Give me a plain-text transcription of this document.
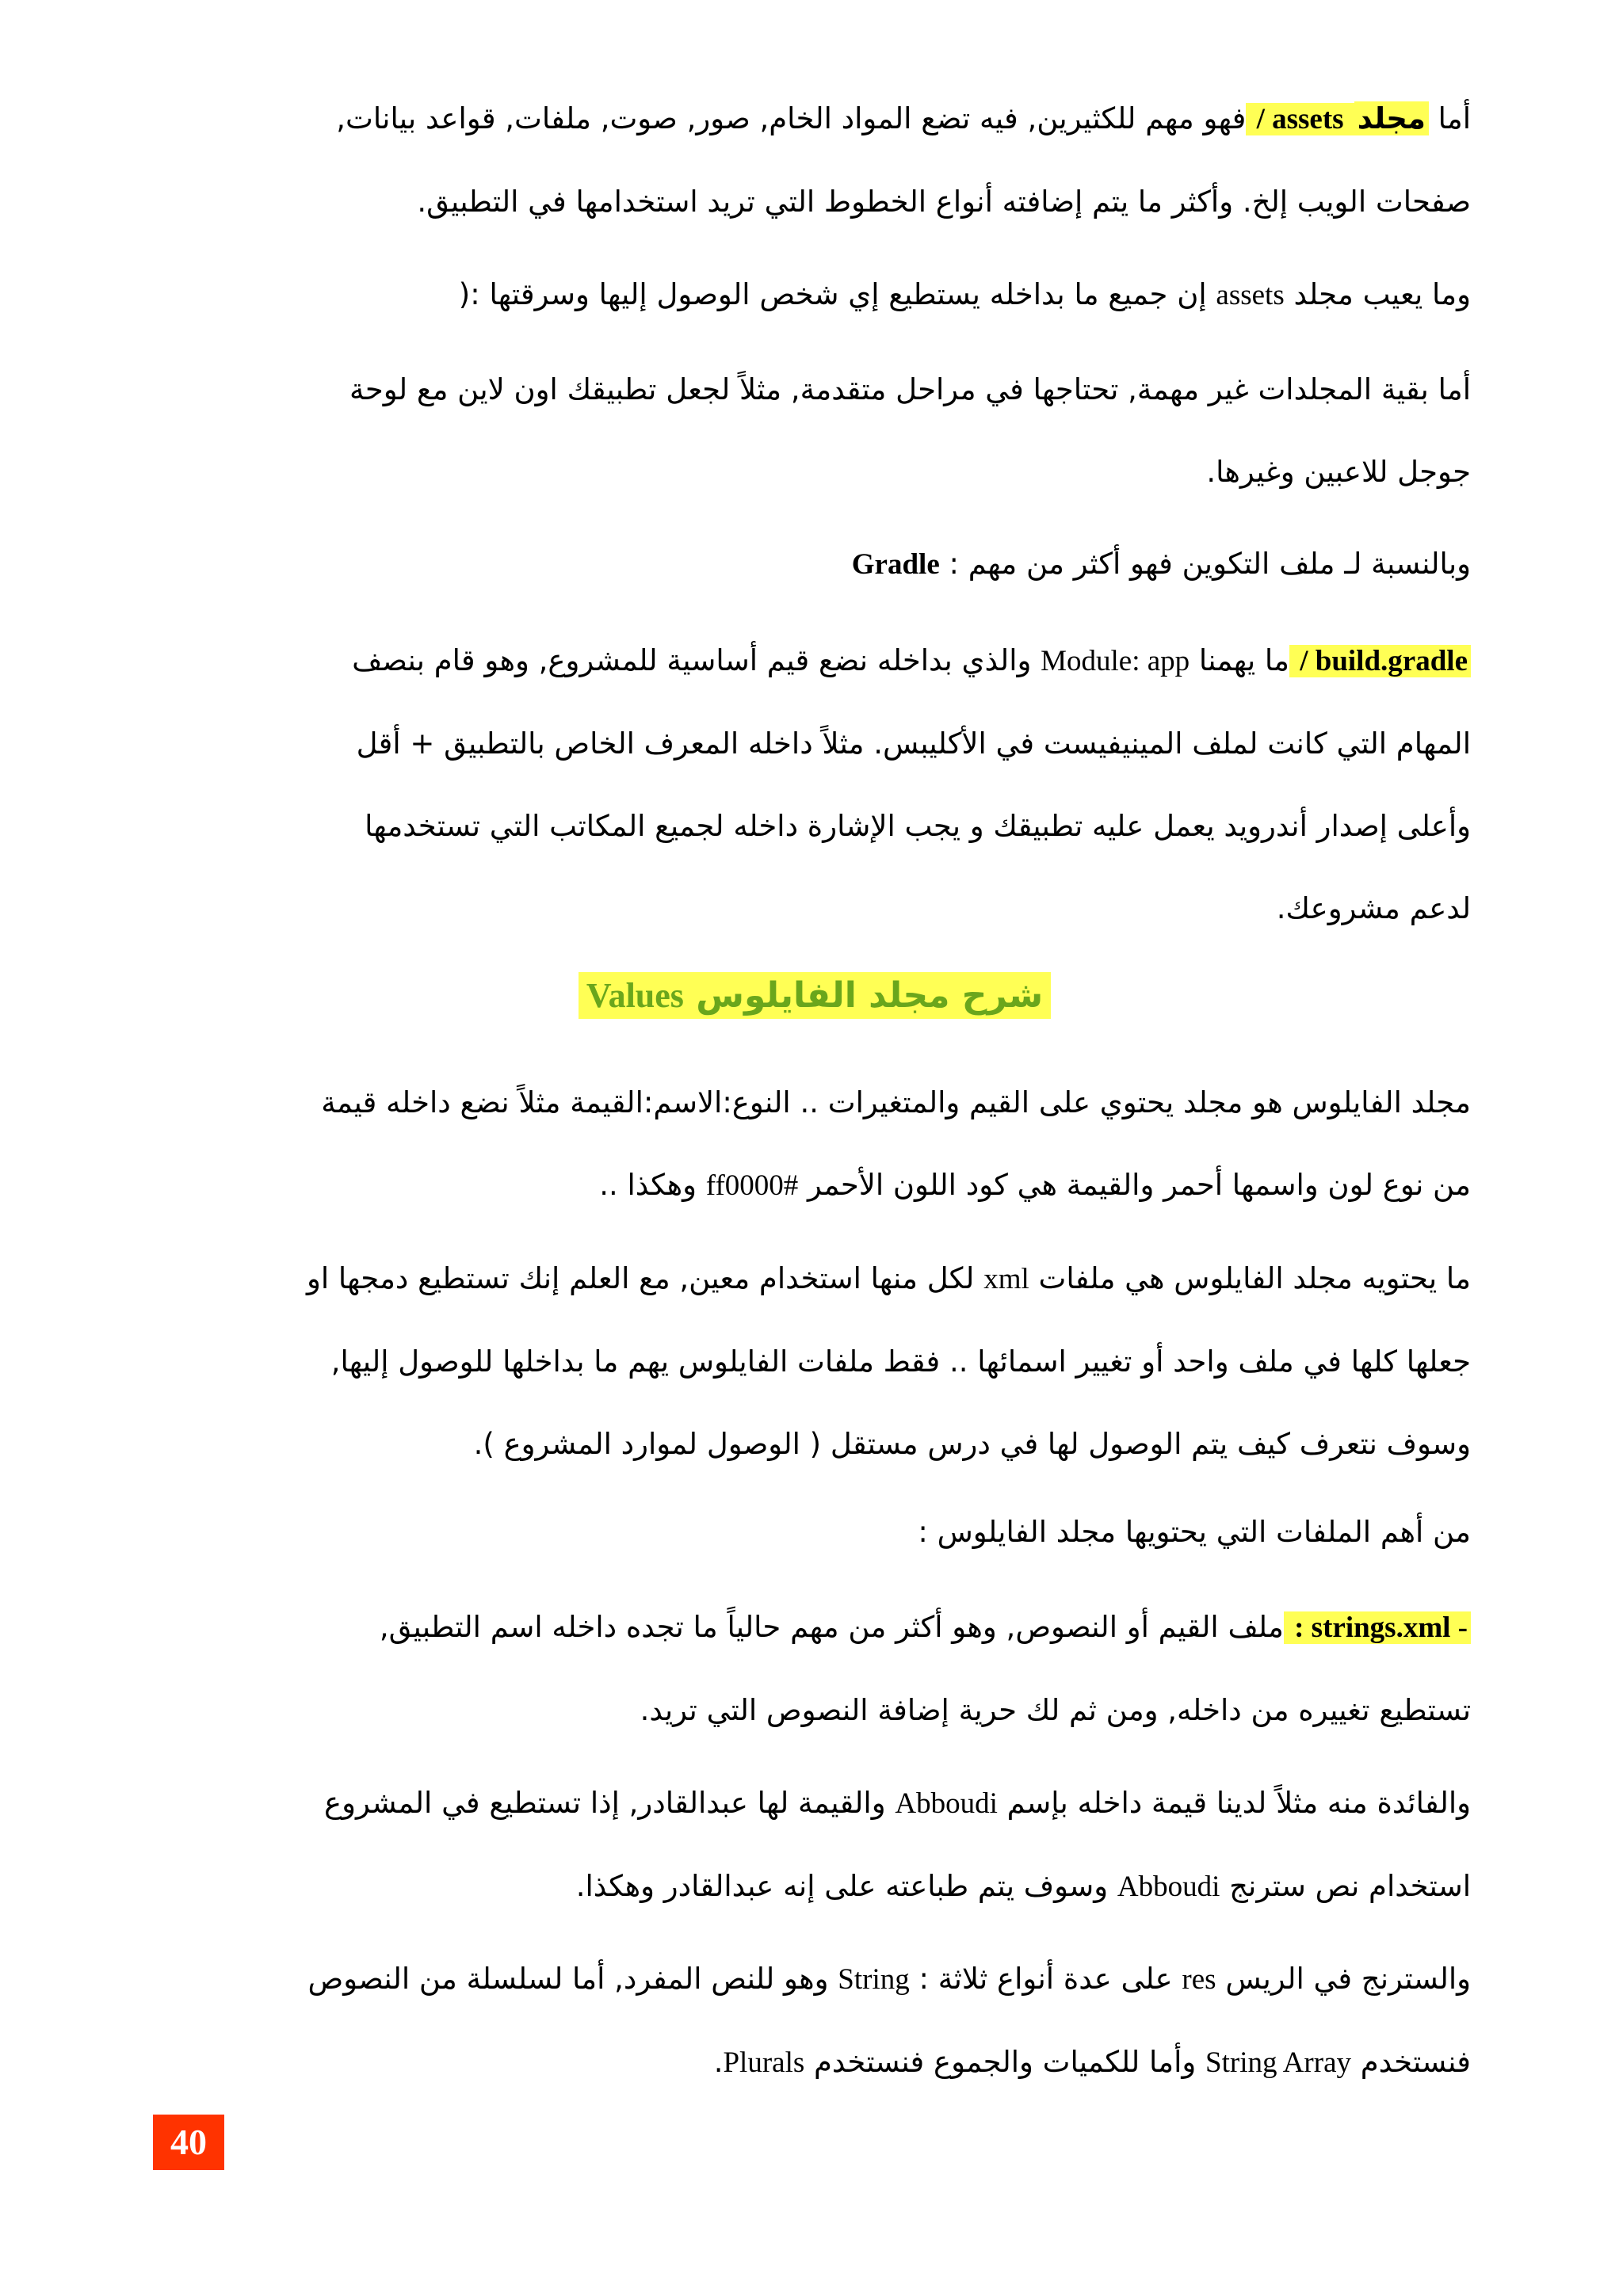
أما مجلد assets / فهو مهم للكثيرين, فيه تضع المواد الخام, صور, صوت, ملفات, قواعد بيانات,

صفحات الويب إلخ. وأكثر ما يتم إضافته أنواع الخطوط التي تريد استخدامها في التطبيق.

وما يعيب مجلد assets إن جميع ما بداخله يستطيع إي شخص الوصول إليها وسرقتها :(

أما بقية المجلدات غير مهمة, تحتاجها في مراحل متقدمة, مثلاً لجعل تطبيقك اون لاين مع لوحة

جوجل للاعبين وغيرها.

وبالنسبة لـ ملف التكوين فهو أكثر من مهم : Gradle

build.gradle / ما يهمنا Module: app والذي بداخله نضع قيم أساسية للمشروع, وهو قام بنصف

المهام التي كانت لملف المينيفيست في الأكليبس. مثلاً داخله المعرف الخاص بالتطبيق + أقل

وأعلى إصدار أندرويد يعمل عليه تطبيقك و يجب الإشارة داخله لجميع المكاتب التي تستخدمها

لدعم مشروعك.

شرح مجلد الفايلوس Values

مجلد الفايلوس هو مجلد يحتوي على القيم والمتغيرات .. النوع:الاسم:القيمة مثلاً نضع داخله قيمة

من نوع لون واسمها أحمر والقيمة هي كود اللون الأحمر #ff0000 وهكذا ..

ما يحتويه مجلد الفايلوس هي ملفات xml لكل منها استخدام معين, مع العلم إنك تستطيع دمجها او

جعلها كلها في ملف واحد أو تغيير اسمائها .. فقط ملفات الفايلوس يهم ما بداخلها للوصول إليها,

وسوف نتعرف كيف يتم الوصول لها في درس مستقل ( الوصول لموارد المشروع ).

من أهم الملفات التي يحتويها مجلد الفايلوس :

- strings.xml : ملف القيم أو النصوص, وهو أكثر من مهم حالياً ما تجده داخله اسم التطبيق,

تستطيع تغييره من داخله, ومن ثم لك حرية إضافة النصوص التي تريد.

والفائدة منه مثلاً لدينا قيمة داخله بإسم Abboudi والقيمة لها عبدالقادر, إذا تستطيع في المشروع

استخدام نص سترنج Abboudi وسوف يتم طباعته على إنه عبدالقادر وهكذا.

والسترنج في الريس res على عدة أنواع ثلاثة : String وهو للنص المفرد, أما لسلسلة من النصوص

فنستخدم String Array وأما للكميات والجموع فنستخدم Plurals.

40
